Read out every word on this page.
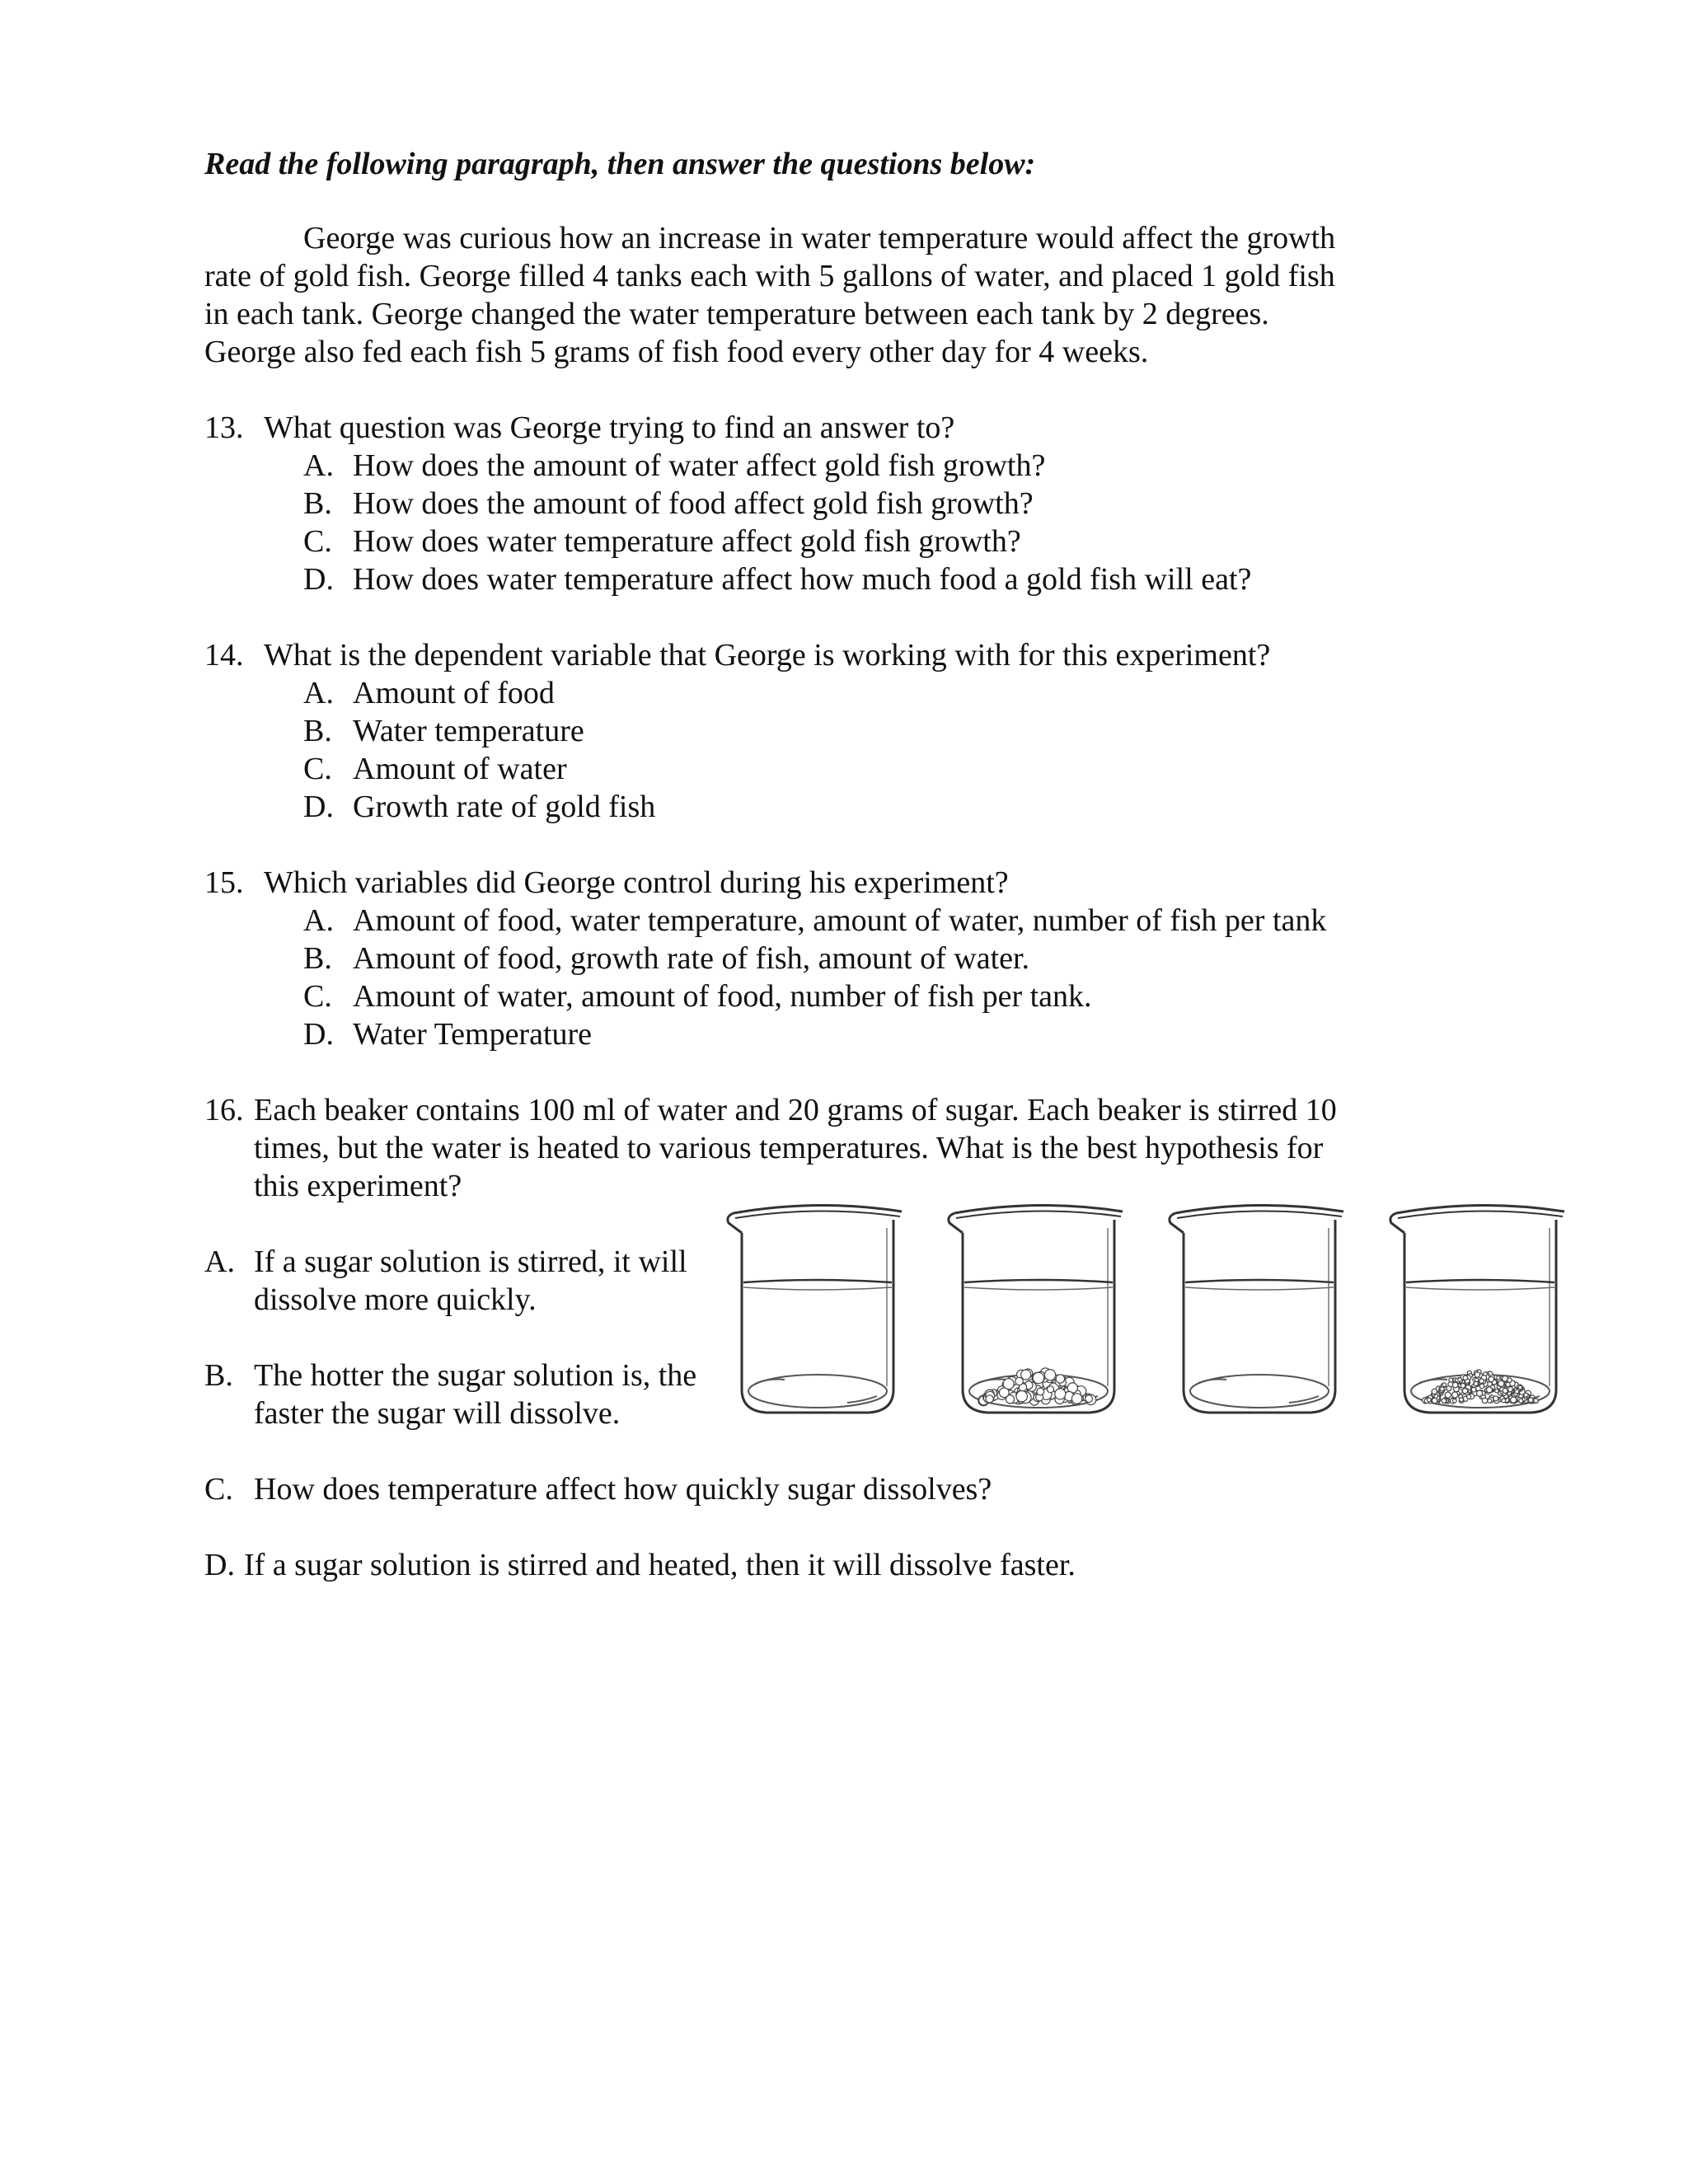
Read the following paragraph, then answer the questions below:
George was curious how an increase in water temperature would affect the growth
rate of gold fish. George filled 4 tanks each with 5 gallons of water, and placed 1 gold fish
in each tank. George changed the water temperature between each tank by 2 degrees.
George also fed each fish 5 grams of fish food every other day for 4 weeks.
13. What question was George trying to find an answer to?
A. How does the amount of water affect gold fish growth?
B. How does the amount of food affect gold fish growth?
C. How does water temperature affect gold fish growth?
D. How does water temperature affect how much food a gold fish will eat?
14. What is the dependent variable that George is working with for this experiment?
A. Amount of food
B. Water temperature
C. Amount of water
D. Growth rate of gold fish
15. Which variables did George control during his experiment?
A. Amount of food, water temperature, amount of water, number of fish per tank
B. Amount of food, growth rate of fish, amount of water.
C. Amount of water, amount of food, number of fish per tank.
D. Water Temperature
16. Each beaker contains 100 ml of water and 20 grams of sugar. Each beaker is stirred 10
times, but the water is heated to various temperatures. What is the best hypothesis for
this experiment?
A. If a sugar solution is stirred, it will
dissolve more quickly.
B. The hotter the sugar solution is, the
faster the sugar will dissolve.
C. How does temperature affect how quickly sugar dissolves?
D. If a sugar solution is stirred and heated, then it will dissolve faster.
